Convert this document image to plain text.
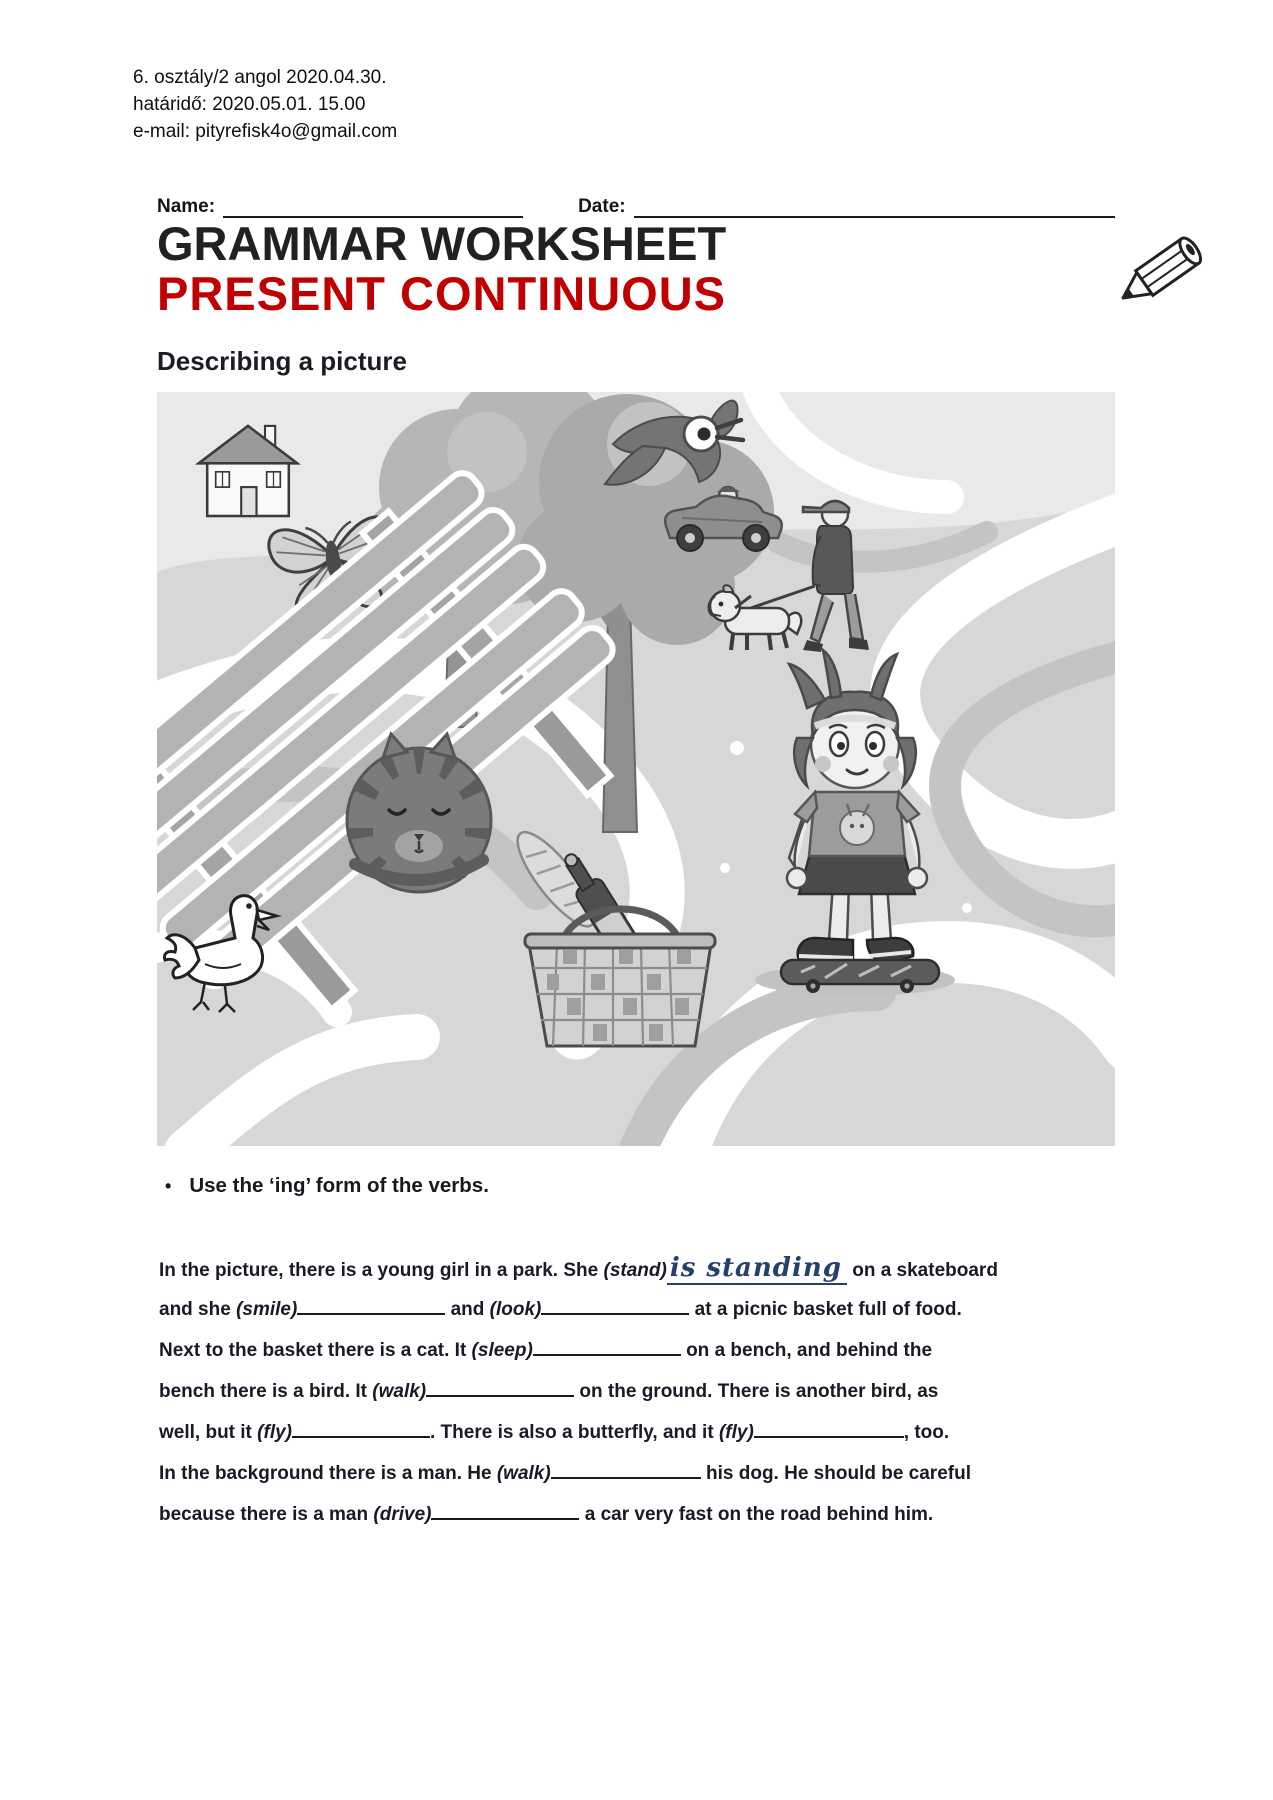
6. osztály/2 angol 2020.04.30.
határidő: 2020.05.01. 15.00
e-mail: pityrefisk4o@gmail.com
Name:	Date:
GRAMMAR WORKSHEET
PRESENT CONTINUOUS
Describing a picture
• Use the ‘ing’ form of the verbs.
In the picture, there is a young girl in a park. She (stand) is standing on a skateboard
and she (smile)	and (look)	at a picnic basket full of food.
Next to the basket there is a cat. It (sleep)	on a bench, and behind the
bench there is a bird. It (walk)	on the ground. There is another bird, as
well, but it (fly)	. There is also a butterfly, and it (fly)	, too.
In the background there is a man. He (walk)	his dog. He should be careful
because there is a man (drive)	a car very fast on the road behind him.
